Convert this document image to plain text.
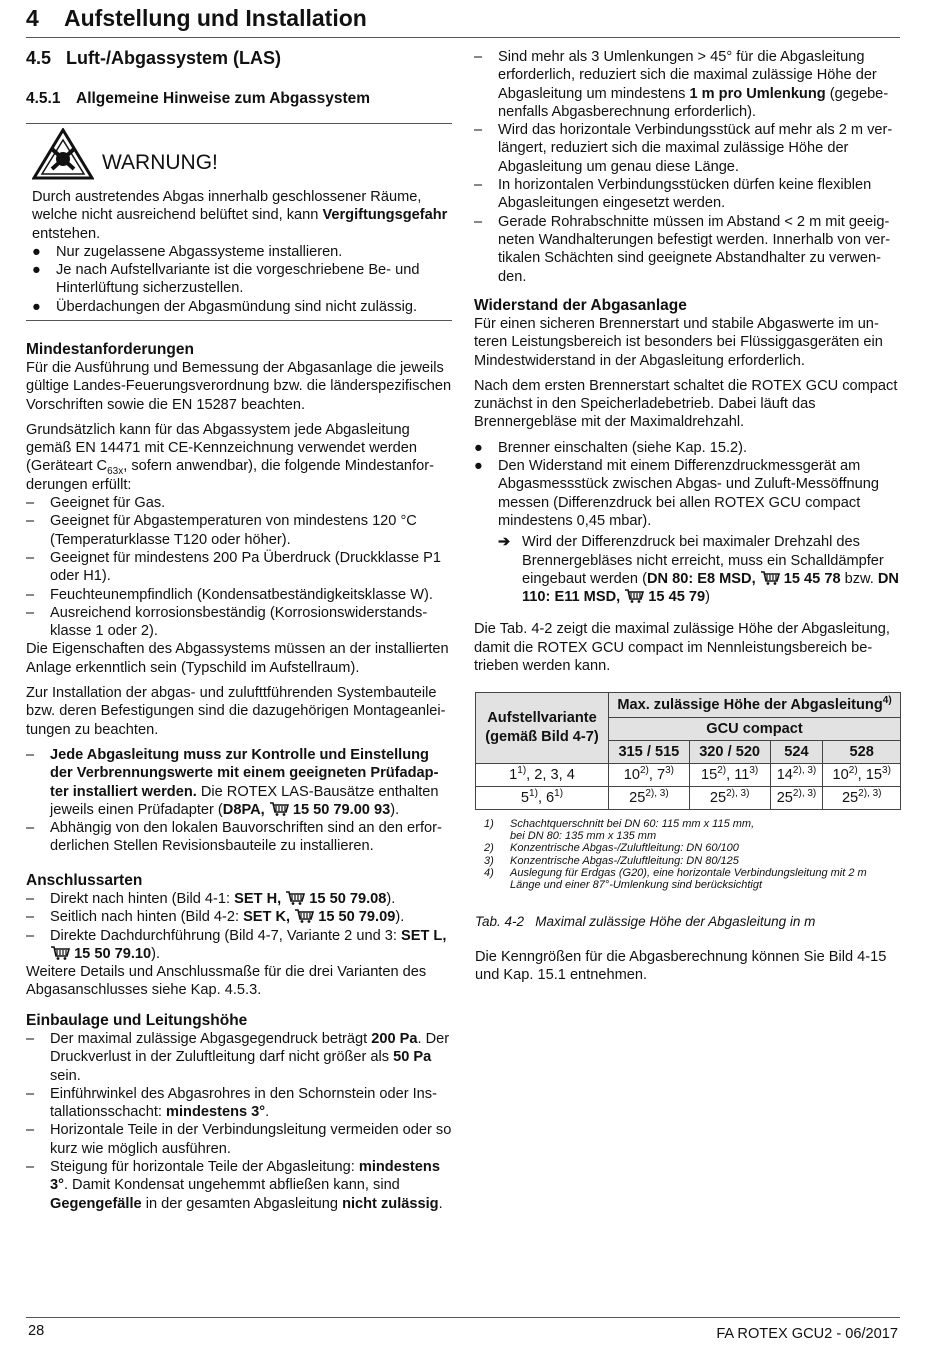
4 Aufstellung und Installation
4.5 Luft-/Abgassystem (LAS)
4.5.1 Allgemeine Hinweise zum Abgassystem
WARNUNG!

Durch austretendes Abgas innerhalb geschlossener Räume, welche nicht ausreichend belüftet sind, kann Vergiftungsgefahr entstehen.

●	Nur zugelassene Abgassysteme installieren.
●	Je nach Aufstellvariante ist die vorgeschriebene Be- und Hinterlüftung sicherzustellen.
●	Überdachungen der Abgasmündung sind nicht zulässig.

Mindestanforderungen

Für die Ausführung und Bemessung der Abgasanlage die jeweils gültige Landes-Feuerungsverordnung bzw. die länderspezifischen Vorschriften sowie die EN 15287 beachten.

Grundsätzlich kann für das Abgassystem jede Abgasleitung gemäß EN 14471 mit CE-Kennzeichnung verwendet werden (Geräteart $C_{63x}$, sofern anwendbar), die folgende Mindestanforderungen erfüllt:

–	Geeignet für Gas.
–	Geeignet für Abgastemperaturen von mindestens 120 °C (Temperaturklasse T120 oder höher).
–	Geeignet für mindestens 200 Pa Überdruck (Druckklasse P1 oder H1).
–	Feuchteunempfindlich (Kondensatbeständigkeitsklasse W).
–	Ausreichend korrosionsbeständig (Korrosionswiderstandsklasse 1 oder 2).

Die Eigenschaften des Abgassystems müssen an der installierten Anlage erkenntlich sein (Typschild im Aufstellraum).

Zur Installation der abgas- und zulufttführenden Systembauteile bzw. deren Befestigungen sind die dazugehörigen Montageanleitungen zu beachten.

–	Jede Abgasleitung muss zur Kontrolle und Einstellung der Verbrennungswerte mit einem geeigneten Prüfadapter installiert werden. Die ROTEX LAS-Bausätze enthalten jeweils einen Prüfadapter (D8PA, 15 50 79.00 93).
–	Abhängig von den lokalen Bauvorschriften sind an den erforderlichen Stellen Revisionsbauteile zu installieren.

Anschlussarten

–	Direkt nach hinten (Bild 4-1: SET H, 15 50 79.08).
–	Seitlich nach hinten (Bild 4-2: SET K, 15 50 79.09).
–	Direkte Dachdurchführung (Bild 4-7, Variante 2 und 3: SET L,  15 50 79.10).

Weitere Details und Anschlussmaße für die drei Varianten des Abgasanschlusses siehe Kap. 4.5.3.

Einbaulage und Leitungshöhe

–	Der maximal zulässige Abgasgegendruck beträgt 200 Pa. Der Druckverlust in der Zuluftleitung darf nicht größer als 50 Pa sein.
–	Einführwinkel des Abgasrohres in den Schornstein oder Installationsschacht: mindestens 3°.
–	Horizontale Teile in der Verbindungsleitung vermeiden oder so kurz wie möglich ausführen.
–	Steigung für horizontale Teile der Abgasleitung: mindestens 3°. Damit Kondensat ungehemmt abfließen kann, sind Gegengefälle in der gesamten Abgasleitung nicht zulässig.
–	Sind mehr als 3 Umlenkungen > 45° für die Abgasleitung erforderlich, reduziert sich die maximal zulässige Höhe der Abgasleitung um mindestens 1 m pro Umlenkung (gegebenenfalls Abgasberechnung erforderlich).
–	Wird das horizontale Verbindungsstück auf mehr als 2 m verlängert, reduziert sich die maximal zulässige Höhe der Abgasleitung um genau diese Länge.
–	In horizontalen Verbindungsstücken dürfen keine flexiblen Abgasleitungen eingesetzt werden.
–	Gerade Rohrabschnitte müssen im Abstand < 2 m mit geeigneten Wandhalterungen befestigt werden. Innerhalb von vertikalen Schächten sind geeignete Abstandhalter zu verwenden.

Widerstand der Abgasanlage

Für einen sicheren Brennerstart und stabile Abgaswerte im unteren Leistungsbereich ist besonders bei Flüssiggasgeräten ein Mindestwiderstand in der Abgasleitung erforderlich.

Nach dem ersten Brennerstart schaltet die ROTEX GCU compact zunächst in den Speicherladebetrieb. Dabei läuft das Brennergebläse mit der Maximaldrehzahl.

●	Brenner einschalten (siehe Kap. 15.2).
●	Den Widerstand mit einem Differenzdruckmessgerät am Abgasmessstück zwischen Abgas- und Zuluft-Messöffnung messen (Differenzdruck bei allen ROTEX GCU compact mindestens 0,45 mbar).
➔ Wird der Differenzdruck bei maximaler Drehzahl des Brennergebläses nicht erreicht, muss ein Schalldämpfer eingebaut werden (DN 80: E8 MSD, 15 45 78 bzw. DN 110: E11 MSD, 15 45 79)

Die Tab. 4-2 zeigt die maximal zulässige Höhe der Abgasleitung, damit die ROTEX GCU compact im Nennleistungsbereich betrieben werden kann.

Aufstellvariante
(gemäß Bild 4-7)	Max. zulässige Höhe der Abgasleitung$^{4)}$
	GCU compact			
	315 / 515	320 / 520	524	528
1$^{1)}$, 2, 3, 4	10$^{2)}$, 7$^{3)}$	15$^{2)}$, 11$^{3)}$	$14^{2), 3)}$	10$^{2)}$, 15$^{3)}$
5$^{1)}$, 6$^{1)}$	$25^{2), 3)}$	$25^{2), 3)}$	$25^{2), 3)}$	$25^{2), 3)}$
1)	Schachtquerschnitt bei DN 60: 115 mm x 115 mm,
bei DN 80: 135 mm x 135 mm
2)	Konzentrische Abgas-/Zuluftleitung: DN 60/100
3)	Konzentrische Abgas-/Zuluftleitung: DN 80/125
4)	Auslegung für Erdgas (G20), eine horizontale Verbindungsleitung mit 2 m Länge und einer 87°-Umlenkung sind berücksichtigt
Tab. 4-2   Maximal zulässige Höhe der Abgasleitung in m
Die Kenngrößen für die Abgasberechnung können Sie Bild 4-15 und Kap. 15.1 entnehmen.
28	FA ROTEX GCU2 - 06/2017
